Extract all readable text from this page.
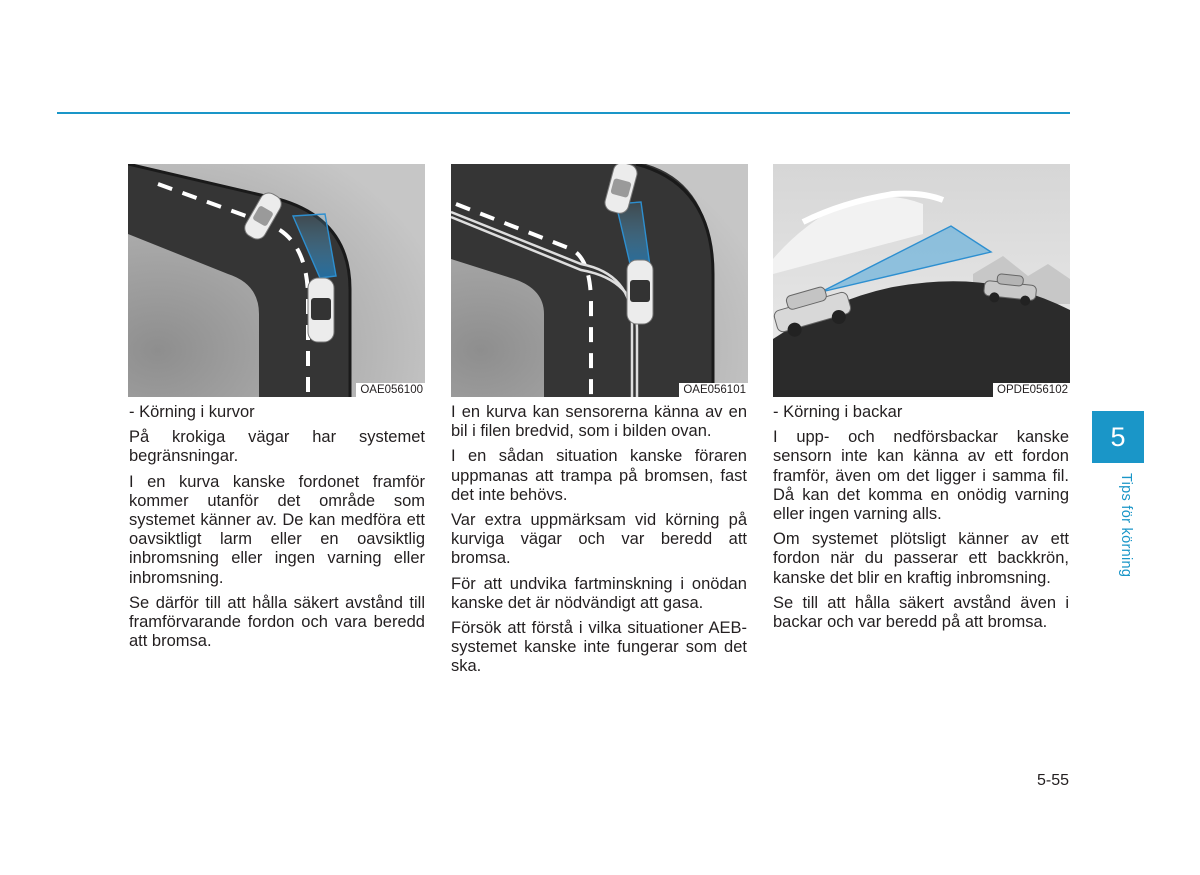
OAE056100	OAE056101	OPDE056102

- Körning i kurvor

På krokiga vägar har systemet begränsningar.

I en kurva kanske fordonet framför kommer utanför det område som systemet känner av. De kan medföra ett oavsiktligt larm eller en oavsiktlig inbromsning eller ingen varning eller inbromsning.

Se därför till att hålla säkert avstånd till framförvarande fordon och vara beredd att bromsa.

I en kurva kan sensorerna känna av en bil i filen bredvid, som i bilden ovan.

I en sådan situation kanske föraren uppmanas att trampa på bromsen, fast det inte behövs.

Var extra uppmärksam vid körning på kurviga vägar och var beredd att bromsa.

För att undvika fartminskning i onödan kanske det är nödvändigt att gasa.

Försök att förstå i vilka situationer AEB-systemet kanske inte fungerar som det ska.

- Körning i backar

I upp- och nedförsbackar kanske sensorn inte kan känna av ett fordon framför, även om det ligger i samma fil. Då kan det komma en onödig varning eller ingen varning alls.

Om systemet plötsligt känner av ett fordon när du passerar ett backkrön, kanske det blir en kraftig inbromsning.

Se till att hålla säkert avstånd även i backar och var beredd på att bromsa.

5
Tips för körning
5-55
